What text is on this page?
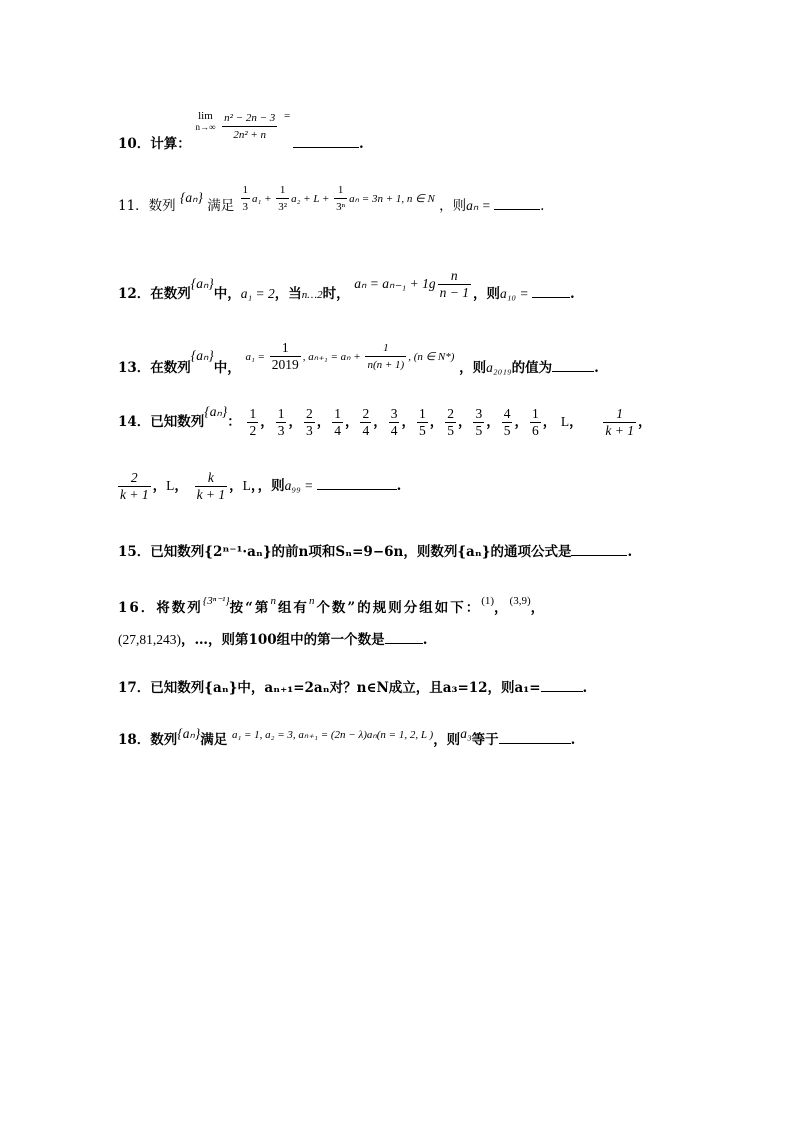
10．计算：
lim
n→∞
$\frac{\text{n² − 2n − 3}}{\text{2n² + n}} ^=$ .
11．数列 {aₙ} 满足 $\frac{1}{3} a_1 + \frac{1}{\text{3²}} a_2 + L + \frac{1}{\text{3ⁿ}}$ aₙ = 3n + 1, n ∈ N ，则aₙ =	.
12．在数列{aₙ}中，a₁ = 2，当$_{n\dots 2}$时， $a_n = a_{n-1} + 1g \frac{n}{n - 1}$ ，则a₁₀ =	.
13．在数列{aₙ}中， $a_1 = \frac{1}{2019}$ , $a_{n+1} = a_n + \frac{1}{n(n + 1)}$ , (n ∈ N*) ，则a₂₀₁₉的值为	.
14．已知数列{aₙ}： $\frac{1}{2}$ ， $\frac{1}{3}$ ， $\frac{2}{3}$ ， $\frac{1}{4}$ ， $\frac{2}{4}$ ， $\frac{3}{4}$ ， $\frac{1}{5}$ ， $\frac{2}{5}$ ， $\frac{3}{5}$ ， $\frac{4}{5}$ ， $\frac{1}{6}$ ， L， $\frac{1}{k + 1}$ ，
$\frac{2}{k + 1}$ ，L， $\frac{k}{k + 1}$ ，L，，则a₉₉ =	.
15．已知数列{2ⁿ⁻¹·aₙ}的前n项和Sₙ=9−6n，则数列{aₙ}的通项公式是	.
16．将数列{3ⁿ⁻¹}按“第n组有n个数”的规则分组如下：(1)，(3,9)，
(27,81,243)，…，则第100组中的第一个数是	.
17．已知数列{aₙ}中，aₙ₊₁=2aₙ对？n∈N成立，且a₃=12，则a₁=	.
18．数列{aₙ}满足 a₁ = 1, a₂ = 3, aₙ₊₁ = (2n − λ)aₙ(n = 1, 2, L )，则a₃等于	.
